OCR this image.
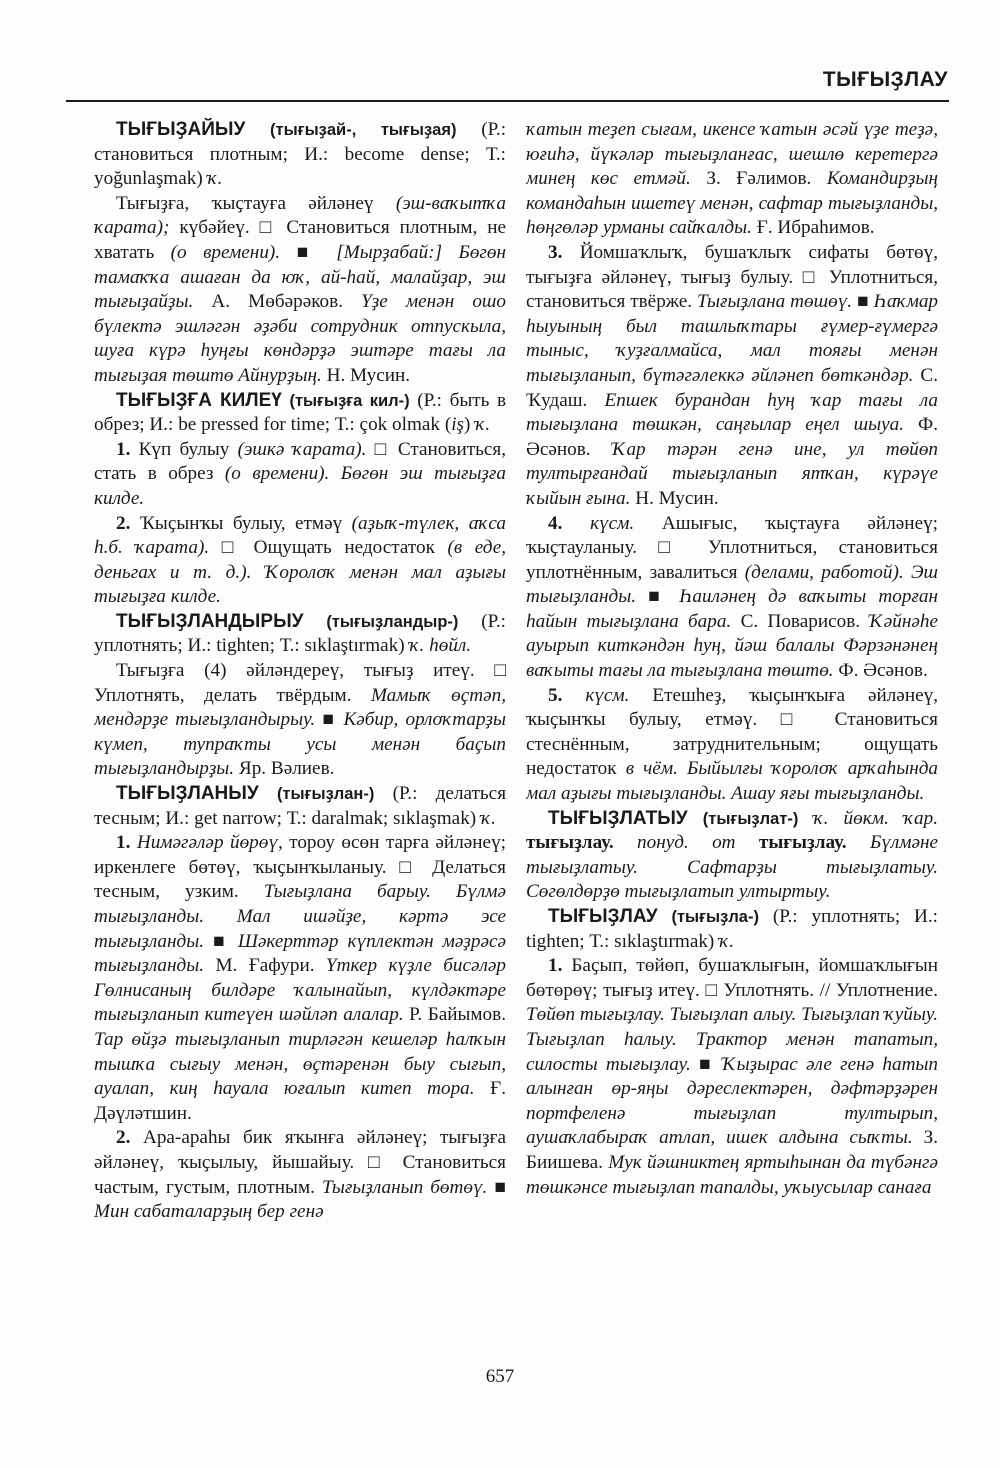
ТЫҒЫҘЛАУ

ТЫҒЫҘАЙЫУ (тығыҙай-, тығыҙая) (Р.: становиться плотным; И.: become dense; Т.: yoğunlaşmak) ҡ.

Тығыҙға, ҡыҫтауға әйләнеү (эш-ваҡытҡа ҡарата); күбәйеү. □ Становиться плотным, не хватать (о времени). ■ [Мырҙабай:] Бөгөн тамаҡҡа ашаған да юҡ, ай-һай, малайҙар, эш тығыҙайҙы. А. Мөбәрәков. Үҙе менән ошо бүлектә эшләгән әҙәби сотрудник отпускыла, шуға күрә һуңғы көндәрҙә эштәре тағы ла тығыҙая төштө Айнурҙың. Н. Мусин.

ТЫҒЫҘҒА КИЛЕҮ (тығыҙға кил-) (Р.: быть в обрез; И.: be pressed for time; Т.: çok olmak (iş) ҡ.

1. Күп булыу (эшкә ҡарата). □ Становиться, стать в обрез (о времени). Бөгөн эш тығыҙға килде.

2. Ҡыҫынҡы булыу, етмәү (аҙыҡ-түлек, аҡса һ.б. ҡарата). □ Ощущать недостаток (в еде, деньгах и т. д.). Ҡоролоҡ менән мал аҙығы тығыҙға килде.

ТЫҒЫҘЛАНДЫРЫУ (тығыҙландыр-) (Р.: уплотнять; И.: tighten; Т.: sıklaştırmak) ҡ. һөйл.

Тығыҙға (4) әйләндереү, тығыҙ итеү. □ Уплотнять, делать твёрдым. Мамыҡ өҫтәп, мендәрҙе тығыҙландырыу. ■ Кәбир, орлоҡтарҙы күмеп, тупраҡты усы менән баҫып тығыҙландырҙы. Яр. Вәлиев.

ТЫҒЫҘЛАНЫУ (тығыҙлан-) (Р.: делаться тесным; И.: get narrow; Т.: daralmak; sıklaşmak) ҡ.

1. Нимәгәләр йөрөү, тороу өсөн тарға әйләнеү; иркенлеге бөтөү, ҡыҫынҡыланыу. □ Делаться тесным, узким. Тығыҙлана барыу. Бүлмә тығыҙланды. Мал ишәйҙе, кәртә эсе тығыҙланды. ■ Шәкерттәр күплектән мәҙрәсә тығыҙланды. М. Ғафури. Үткер күҙле бисәләр Гөлнисаның билдәре ҡалынайып, күлдәктәре тығыҙланып китеүен шәйләп алалар. Р. Байымов. Тар өйҙә тығыҙланып тирләгән кешеләр һалҡын тышҡа сығыу менән, өҫтәренән быу сығып, ауалап, киң һауала юғалып китеп тора. Ғ. Дәүләтшин.

2. Ара-араһы бик яҡынға әйләнеү; тығыҙға әйләнеү, ҡыҫылыу, йышайыу. □ Становиться частым, густым, плотным. Тығыҙланып бөтөү. ■ Мин сабаталарҙың бер генә

ҡатын теҙеп сығам, икенсе ҡатын әсәй үҙе теҙә, юғиһә, йүкәләр тығыҙланғас, шешлө керетергә минең көс етмәй. З. Ғәлимов. Командирҙың командаһын ишетеү менән, сафтар тығыҙланды, һөңгөләр урманы сайҡалды. Ғ. Ибраһимов.

3. Йомшаҡлыҡ, бушаҡлыҡ сифаты бөтөү, тығыҙға әйләнеү, тығыҙ булыу. □ Уплотниться, становиться твёрже. Тығыҙлана төшөү. ■ Һаҡмар һыуының был ташлыҡтары ғүмер-ғүмергә тыныс, ҡуҙғалмайса, мал тояғы менән тығыҙланып, бүтәгәлеккә әйләнеп бөткәндәр. С. Ҡудаш. Епшек бурандан һуң ҡар тағы ла тығыҙлана төшкән, саңғылар еңел шыуа. Ф. Әсәнов. Ҡар тәрән генә ине, ул төйөп тултырғандай тығыҙланып ятҡан, күрәүе ҡыйын ғына. Н. Мусин.

4. күсм. Ашығыс, ҡыҫтауға әйләнеү; ҡыҫтауланыу. □ Уплотниться, становиться уплотнённым, завалиться (делами, работой). Эш тығыҙланды. ■ Һаиләнең дә ваҡыты торған һайын тығыҙлана бара. С. Поварисов. Ҡәйнәһе ауырып киткәндән һуң, йәш балалы Фәрзәнәнең ваҡыты тағы ла тығыҙлана төштө. Ф. Әсәнов.

5. күсм. Етешһеҙ, ҡыҫынҡыға әйләнеү, ҡыҫынҡы булыу, етмәү. □ Становиться стеснённым, затруднительным; ощущать недостаток в чём. Быйылғы ҡоролоҡ арҡаһында мал аҙығы тығыҙланды. Ашау яғы тығыҙланды.

ТЫҒЫҘЛАТЫУ (тығыҙлат-) ҡ. йөкм. ҡар. тығыҙлау. понуд. от тығыҙлау. Бүлмәне тығыҙлатыу. Сафтарҙы тығыҙлатыу. Сөгөлдөрҙө тығыҙлатып ултыртыу.

ТЫҒЫҘЛАУ (тығыҙла-) (Р.: уплотнять; И.: tighten; Т.: sıklaştırmak) ҡ.

1. Баҫып, төйөп, бушаҡлығын, йомшаҡлығын бөтөрөү; тығыҙ итеү. □ Уплотнять. // Уплотнение. Төйөп тығыҙлау. Тығыҙлап алыу. Тығыҙлап ҡуйыу. Тығыҙлап һалыу. Трактор менән тапатып, силосты тығыҙлау. ■ Ҡыҙырас әле генә һатып алынған өр-яңы дәреслектәрен, дәфтәрҙәрен портфеленә тығыҙлап тултырып, аушаҡлабыраҡ атлап, ишек алдына сыҡты. З. Биишева. Мук йәшниктең яртыһынан да түбәнгә төшкәнсе тығыҙлап тапалды, уҡыусылар санаға

657
